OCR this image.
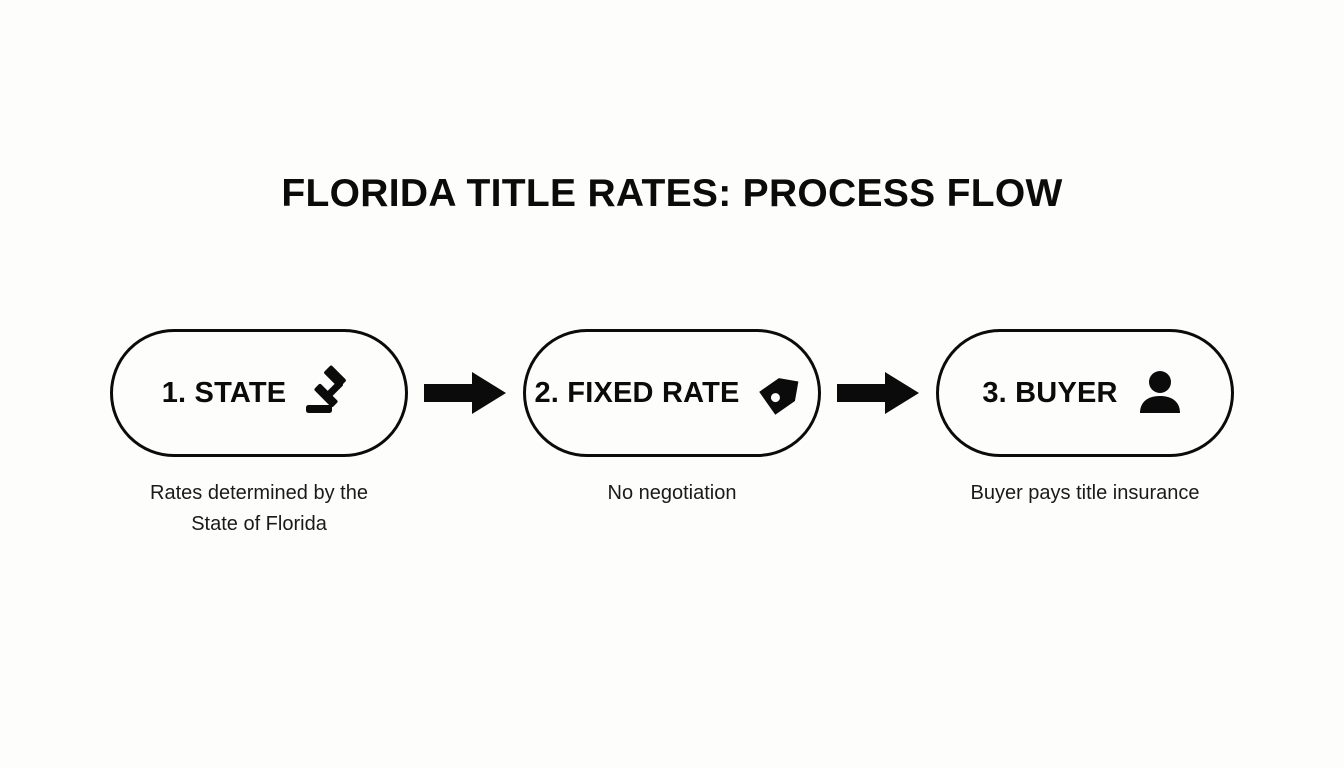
FLORIDA TITLE RATES: PROCESS FLOW
1. STATE	2. FIXED RATE	3. BUYER
Rates determined by the State of Florida
No negotiation	Buyer pays title insurance
